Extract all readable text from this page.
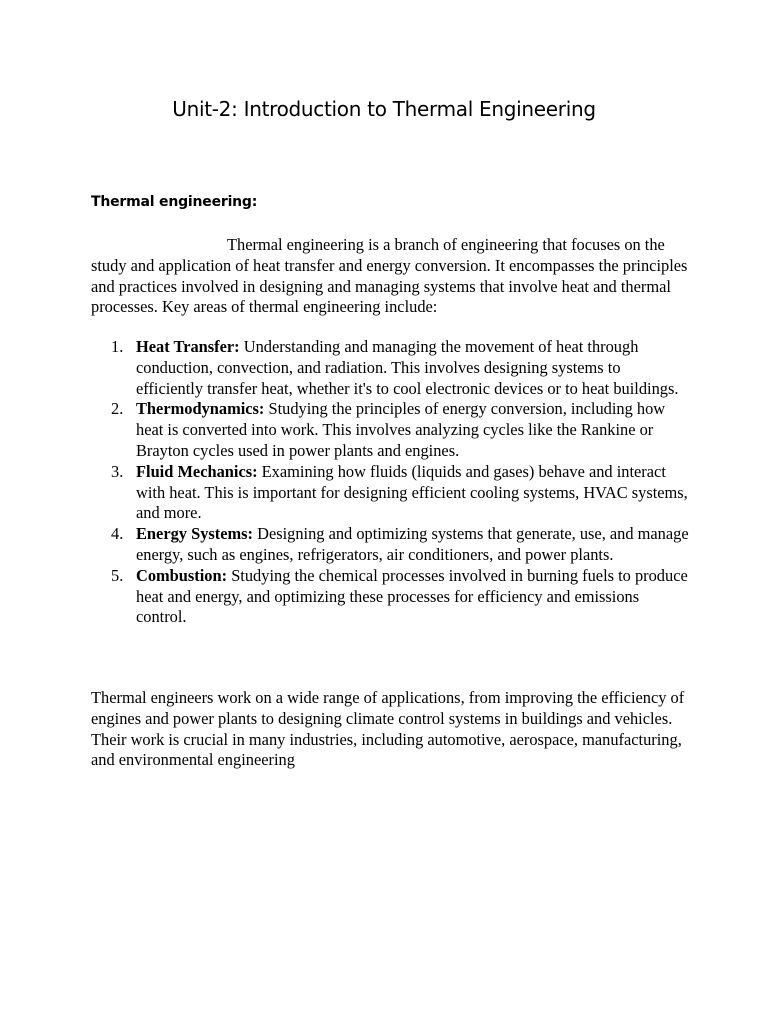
Unit-2: Introduction to Thermal Engineering
Thermal engineering:

Thermal engineering is a branch of engineering that focuses on the study and application of heat transfer and energy conversion. It encompasses the principles and practices involved in designing and managing systems that involve heat and thermal processes. Key areas of thermal engineering include:

1. Heat Transfer: Understanding and managing the movement of heat through conduction, convection, and radiation. This involves designing systems to efficiently transfer heat, whether it's to cool electronic devices or to heat buildings.
2. Thermodynamics: Studying the principles of energy conversion, including how heat is converted into work. This involves analyzing cycles like the Rankine or Brayton cycles used in power plants and engines.
3. Fluid Mechanics: Examining how fluids (liquids and gases) behave and interact with heat. This is important for designing efficient cooling systems, HVAC systems, and more.
4. Energy Systems: Designing and optimizing systems that generate, use, and manage energy, such as engines, refrigerators, air conditioners, and power plants.
5. Combustion: Studying the chemical processes involved in burning fuels to produce heat and energy, and optimizing these processes for efficiency and emissions control.

Thermal engineers work on a wide range of applications, from improving the efficiency of engines and power plants to designing climate control systems in buildings and vehicles. Their work is crucial in many industries, including automotive, aerospace, manufacturing, and environmental engineering
